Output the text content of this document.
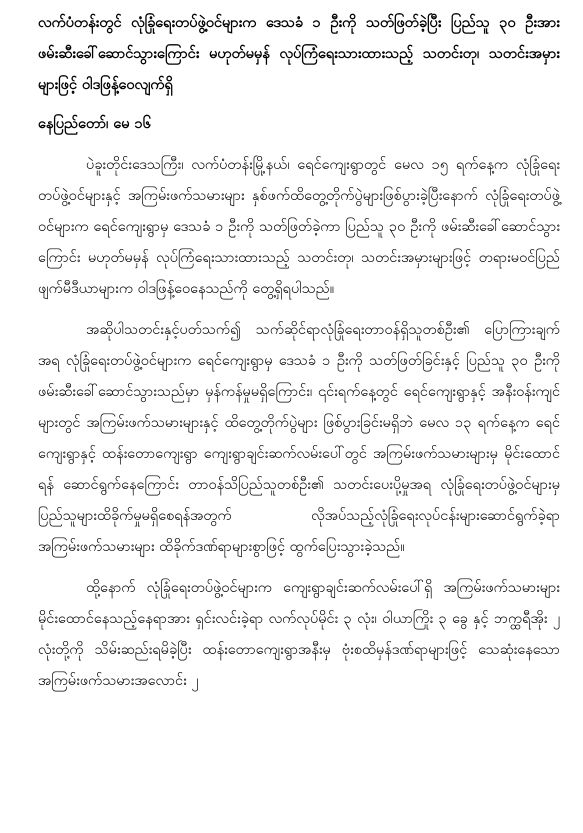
လက်ပံတန်းတွင် လုံခြုံရေးတပ်ဖွဲ့ဝင်များက ဒေသခံ ၁ ဦးကို သတ်ဖြတ်ခဲ့ပြီး ပြည်သူ ၃၀ ဦးအား ဖမ်းဆီးခေါ်ဆောင်သွားကြောင်း မဟုတ်မမှန် လုပ်ကြံရေးသားထားသည့် သတင်းတု၊ သတင်းအမှားများဖြင့် ဝါဒဖြန့်ဝေလျက်ရှိ

နေပြည်တော်၊ မေ ၁၆

ပဲခူးတိုင်းဒေသကြီး၊ လက်ပံတန်းမြို့နယ်၊ ရေင်ကျေးရွာတွင် မေလ ၁၅ ရက်နေ့က လုံခြုံရေးတပ်ဖွဲ့ဝင်များနှင့် အကြမ်းဖက်သမားများ နှစ်ဖက်ထိတွေ့တိုက်ပွဲများဖြစ်ပွားခဲ့ပြီးနောက် လုံခြုံရေးတပ်ဖွဲ့ဝင်များက ရေင်ကျေးရွာမှ ဒေသခံ ၁ ဦးကို သတ်ဖြတ်ခဲ့ကာ ပြည်သူ ၃၀ ဦးကို ဖမ်းဆီးခေါ်ဆောင်သွားကြောင်း မဟုတ်မမှန် လုပ်ကြံရေးသားထားသည့် သတင်းတု၊ သတင်းအမှားများဖြင့် တရားမဝင်ပြည်ဖျက်မီဒီယာများက ဝါဒဖြန့်ဝေနေသည်ကို တွေ့ရှိရပါသည်။

အဆိုပါသတင်းနှင့်ပတ်သက်၍ သက်ဆိုင်ရာလုံခြုံရေးတာဝန်ရှိသူတစ်ဦး၏ ပြောကြားချက်အရ လုံခြုံရေးတပ်ဖွဲ့ဝင်များက ရေင်ကျေးရွာမှ ဒေသခံ ၁ ဦးကို သတ်ဖြတ်ခြင်းနှင့် ပြည်သူ ၃၀ ဦးကို ဖမ်းဆီးခေါ်ဆောင်သွားသည်မှာ မှန်ကန်မှုမရှိကြောင်း၊ ၎င်းရက်နေ့တွင် ရေင်ကျေးရွာနှင့် အနီးဝန်းကျင်များတွင် အကြမ်းဖက်သမားများနှင့် ထိတွေ့တိုက်ပွဲများ ဖြစ်ပွားခြင်းမရှိဘဲ မေလ ၁၃ ရက်နေ့က ရေင်ကျေးရွာနှင့် ထန်းတောကျေးရွာ ကျေးရွာချင်းဆက်လမ်းပေါ်တွင် အကြမ်းဖက်သမားများမှ မိုင်းထောင်ရန် ဆောင်ရွက်နေကြောင်း တာဝန်သိပြည်သူတစ်ဦး၏ သတင်းပေးပို့မှုအရ လုံခြုံရေးတပ်ဖွဲ့ဝင်များမှ ပြည်သူများထိခိုက်မှုမရှိစေရန်အတွက် လိုအပ်သည့်လုံခြုံရေးလုပ်ငန်းများဆောင်ရွက်ခဲ့ရာ အကြမ်းဖက်သမားများ ထိခိုက်ဒဏ်ရာများစွာဖြင့် ထွက်ပြေးသွားခဲ့သည်။

ထို့နောက် လုံခြုံရေးတပ်ဖွဲ့ဝင်များက ကျေးရွာချင်းဆက်လမ်းပေါ်ရှိ အကြမ်းဖက်သမားများ မိုင်းထောင်နေသည့်နေရာအား ရှင်းလင်းခဲ့ရာ လက်လုပ်မိုင်း ၃ လုံး၊ ဝါယာကြိုး ၃ ခွေ နှင့် ဘက္ထရီအိုး ၂ လုံးတို့ကို သိမ်းဆည်းရမိခဲ့ပြီး ထန်းတောကျေးရွာအနီးမှ ဗုံးစထိမှန်ဒဏ်ရာများဖြင့် သေဆုံးနေသော အကြမ်းဖက်သမားအလောင်း ၂
